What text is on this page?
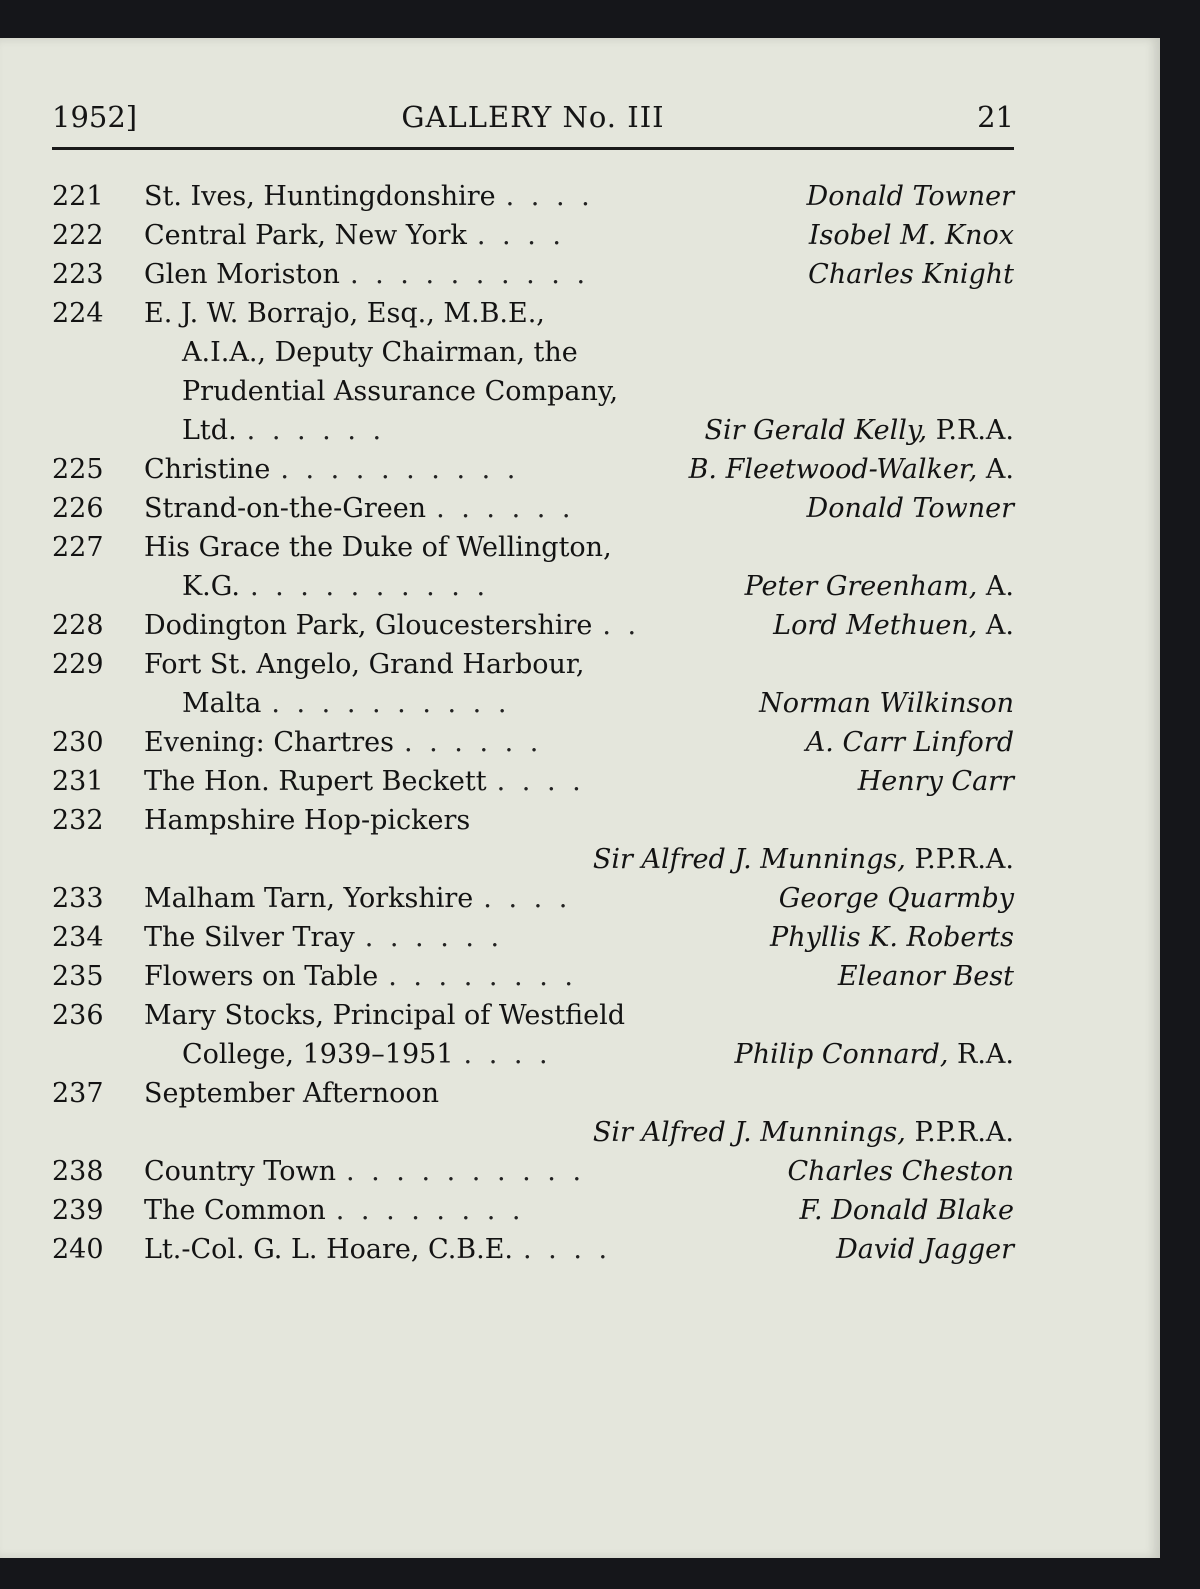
1952]	GALLERY No. III	21
221	St. Ives, Huntingdonshire . . . .	Donald Towner
222	Central Park, New York . . . .	Isobel M. Knox
223	Glen Moriston . . . . . . . . . .	Charles Knight
224	E. J. W. Borrajo, Esq., M.B.E.,
A.I.A., Deputy Chairman, the
Prudential Assurance Company,
Ltd. . . . . . .	Sir Gerald Kelly, P.R.A.
225	Christine . . . . . . . . . .	B. Fleetwood-Walker, A.
226	Strand-on-the-Green . . . . . .	Donald Towner
227	His Grace the Duke of Wellington,
K.G. . . . . . . . . . .	Peter Greenham, A.
228	Dodington Park, Gloucestershire . .	Lord Methuen, A.
229	Fort St. Angelo, Grand Harbour,
Malta . . . . . . . . . .	Norman Wilkinson
230	Evening: Chartres . . . . . .	A. Carr Linford
231	The Hon. Rupert Beckett . . . .	Henry Carr
232	Hampshire Hop-pickers
Sir Alfred J. Munnings, P.P.R.A.
233	Malham Tarn, Yorkshire . . . .	George Quarmby
234	The Silver Tray . . . . . .	Phyllis K. Roberts
235	Flowers on Table . . . . . . . .	Eleanor Best
236	Mary Stocks, Principal of Westfield
College, 1939–1951 . . . .	Philip Connard, R.A.
237	September Afternoon
Sir Alfred J. Munnings, P.P.R.A.
238	Country Town . . . . . . . . . .	Charles Cheston
239	The Common . . . . . . . .	F. Donald Blake
240	Lt.-Col. G. L. Hoare, C.B.E. . . . .	David Jagger
